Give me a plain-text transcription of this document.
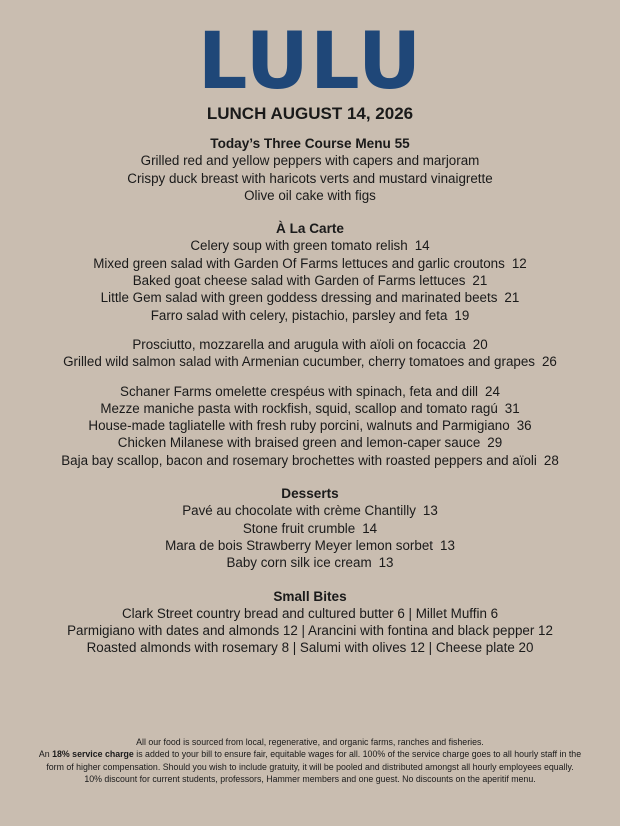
LULU
LUNCH AUGUST 14, 2026
Today’s Three Course Menu 55
Grilled red and yellow peppers with capers and marjoram
Crispy duck breast with haricots verts and mustard vinaigrette
Olive oil cake with figs
À La Carte
Celery soup with green tomato relish 14
Mixed green salad with Garden Of Farms lettuces and garlic croutons 12
Baked goat cheese salad with Garden of Farms lettuces 21
Little Gem salad with green goddess dressing and marinated beets 21
Farro salad with celery, pistachio, parsley and feta 19
Prosciutto, mozzarella and arugula with aïoli on focaccia 20
Grilled wild salmon salad with Armenian cucumber, cherry tomatoes and grapes 26
Schaner Farms omelette crespéus with spinach, feta and dill 24
Mezze maniche pasta with rockfish, squid, scallop and tomato ragú 31
House-made tagliatelle with fresh ruby porcini, walnuts and Parmigiano 36
Chicken Milanese with braised green and lemon-caper sauce 29
Baja bay scallop, bacon and rosemary brochettes with roasted peppers and aïoli 28
Desserts
Pavé au chocolate with crème Chantilly 13
Stone fruit crumble 14
Mara de bois Strawberry Meyer lemon sorbet 13
Baby corn silk ice cream 13
Small Bites
Clark Street country bread and cultured butter 6 | Millet Muffin 6
Parmigiano with dates and almonds 12 | Arancini with fontina and black pepper 12
Roasted almonds with rosemary 8 | Salumi with olives 12 | Cheese plate 20
All our food is sourced from local, regenerative, and organic farms, ranches and fisheries.
An 18% service charge is added to your bill to ensure fair, equitable wages for all. 100% of the service charge goes to all hourly staff in the
form of higher compensation. Should you wish to include gratuity, it will be pooled and distributed amongst all hourly employees equally.
10% discount for current students, professors, Hammer members and one guest. No discounts on the aperitif menu.
